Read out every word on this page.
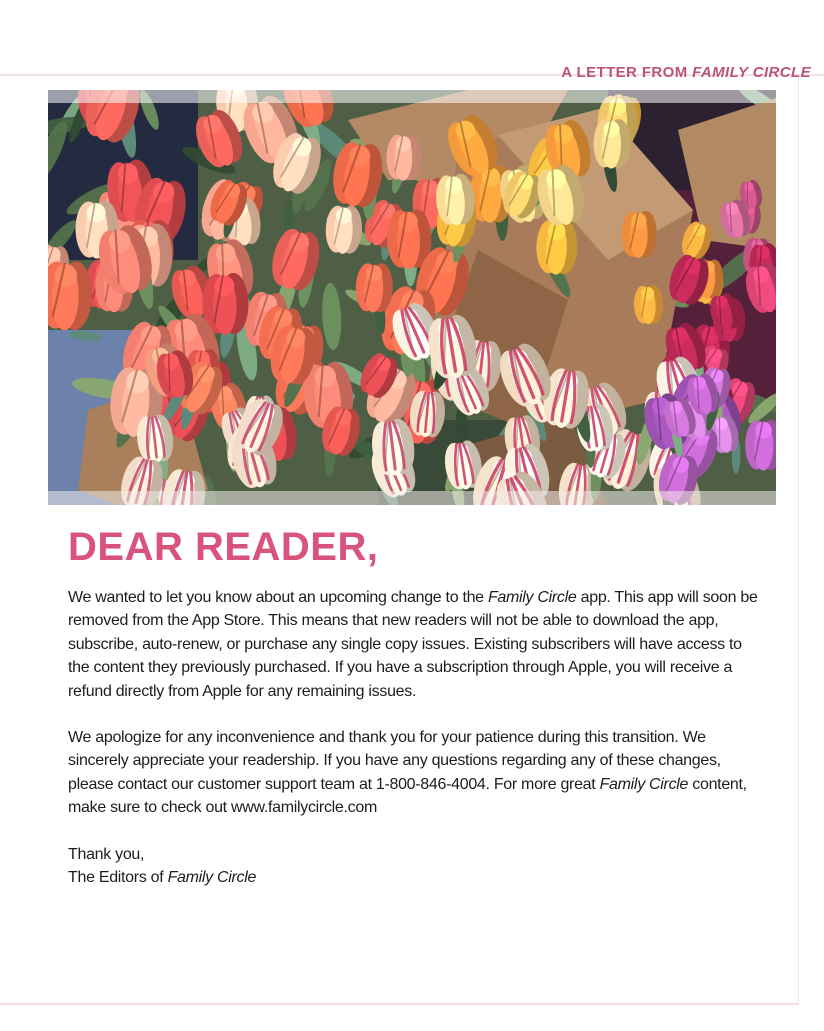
A LETTER FROM FAMILY CIRCLE

DEAR READER,

We wanted to let you know about an upcoming change to the Family Circle app. This app will soon be removed from the App Store. This means that new readers will not be able to download the app, subscribe, auto-renew, or purchase any single copy issues. Existing subscribers will have access to the content they previously purchased. If you have a subscription through Apple, you will receive a refund directly from Apple for any remaining issues.

We apologize for any inconvenience and thank you for your patience during this transition. We sincerely appreciate your readership. If you have any questions regarding any of these changes, please contact our customer support team at 1-800-846-4004. For more great Family Circle content, make sure to check out www.familycircle.com

Thank you,
The Editors of Family Circle
